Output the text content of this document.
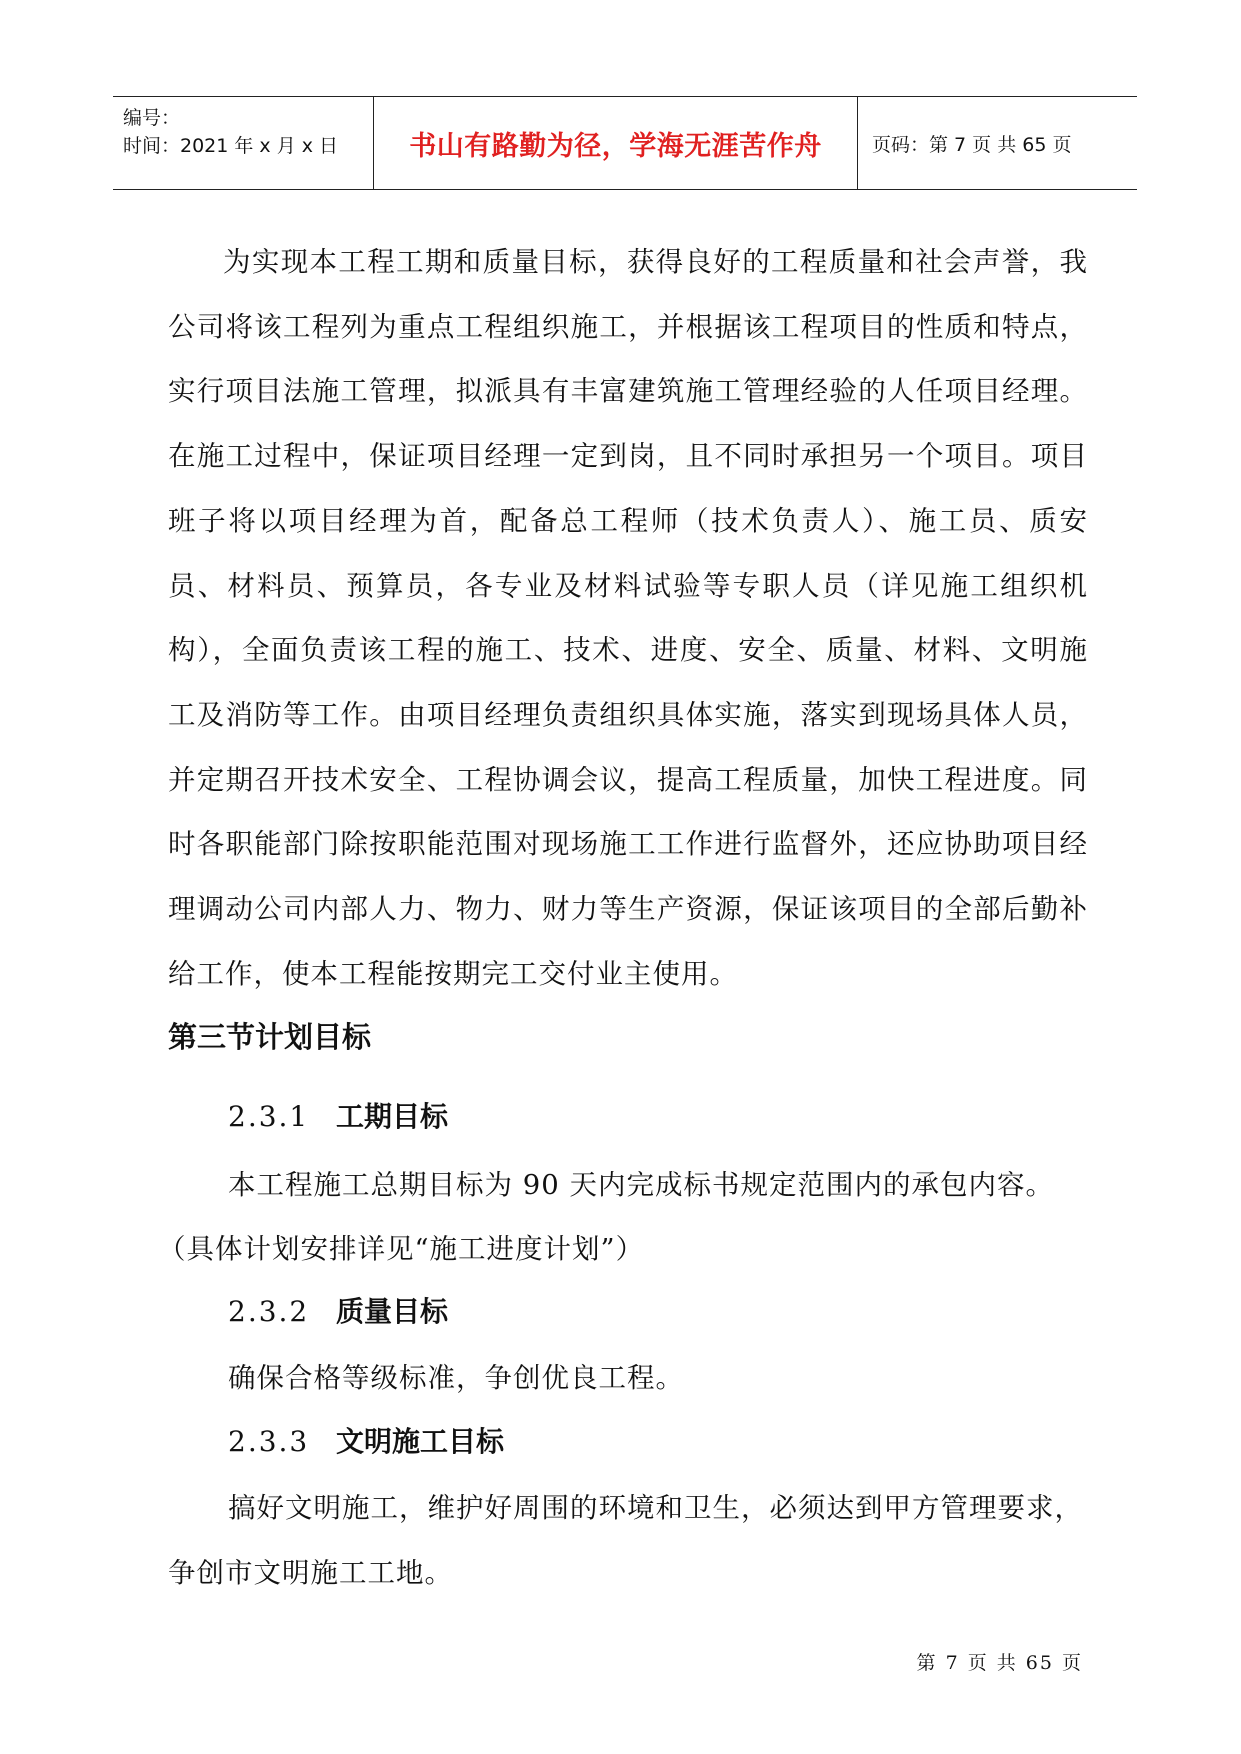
编号：
时间：2021 年 x 月 x 日	书山有路勤为径，学海无涯苦作舟	页码：第 7 页 共 65 页

为实现本工程工期和质量目标，获得良好的工程质量和社会声誉，我公司将该工程列为重点工程组织施工，并根据该工程项目的性质和特点，实行项目法施工管理，拟派具有丰富建筑施工管理经验的人任项目经理。在施工过程中，保证项目经理一定到岗，且不同时承担另一个项目。项目班子将以项目经理为首，配备总工程师（技术负责人）、施工员、质安员、材料员、预算员，各专业及材料试验等专职人员（详见施工组织机构），全面负责该工程的施工、技术、进度、安全、质量、材料、文明施工及消防等工作。由项目经理负责组织具体实施，落实到现场具体人员，并定期召开技术安全、工程协调会议，提高工程质量，加快工程进度。同时各职能部门除按职能范围对现场施工工作进行监督外，还应协助项目经理调动公司内部人力、物力、财力等生产资源，保证该项目的全部后勤补给工作，使本工程能按期完工交付业主使用。

第三节计划目标
2.3.1 工期目标

本工程施工总期目标为 90 天内完成标书规定范围内的承包内容。

（具体计划安排详见“施工进度计划”）

2.3.2 质量目标

确保合格等级标准，争创优良工程。

2.3.3 文明施工目标

搞好文明施工，维护好周围的环境和卫生，必须达到甲方管理要求，

争创市文明施工工地。

第 7 页 共 65 页
